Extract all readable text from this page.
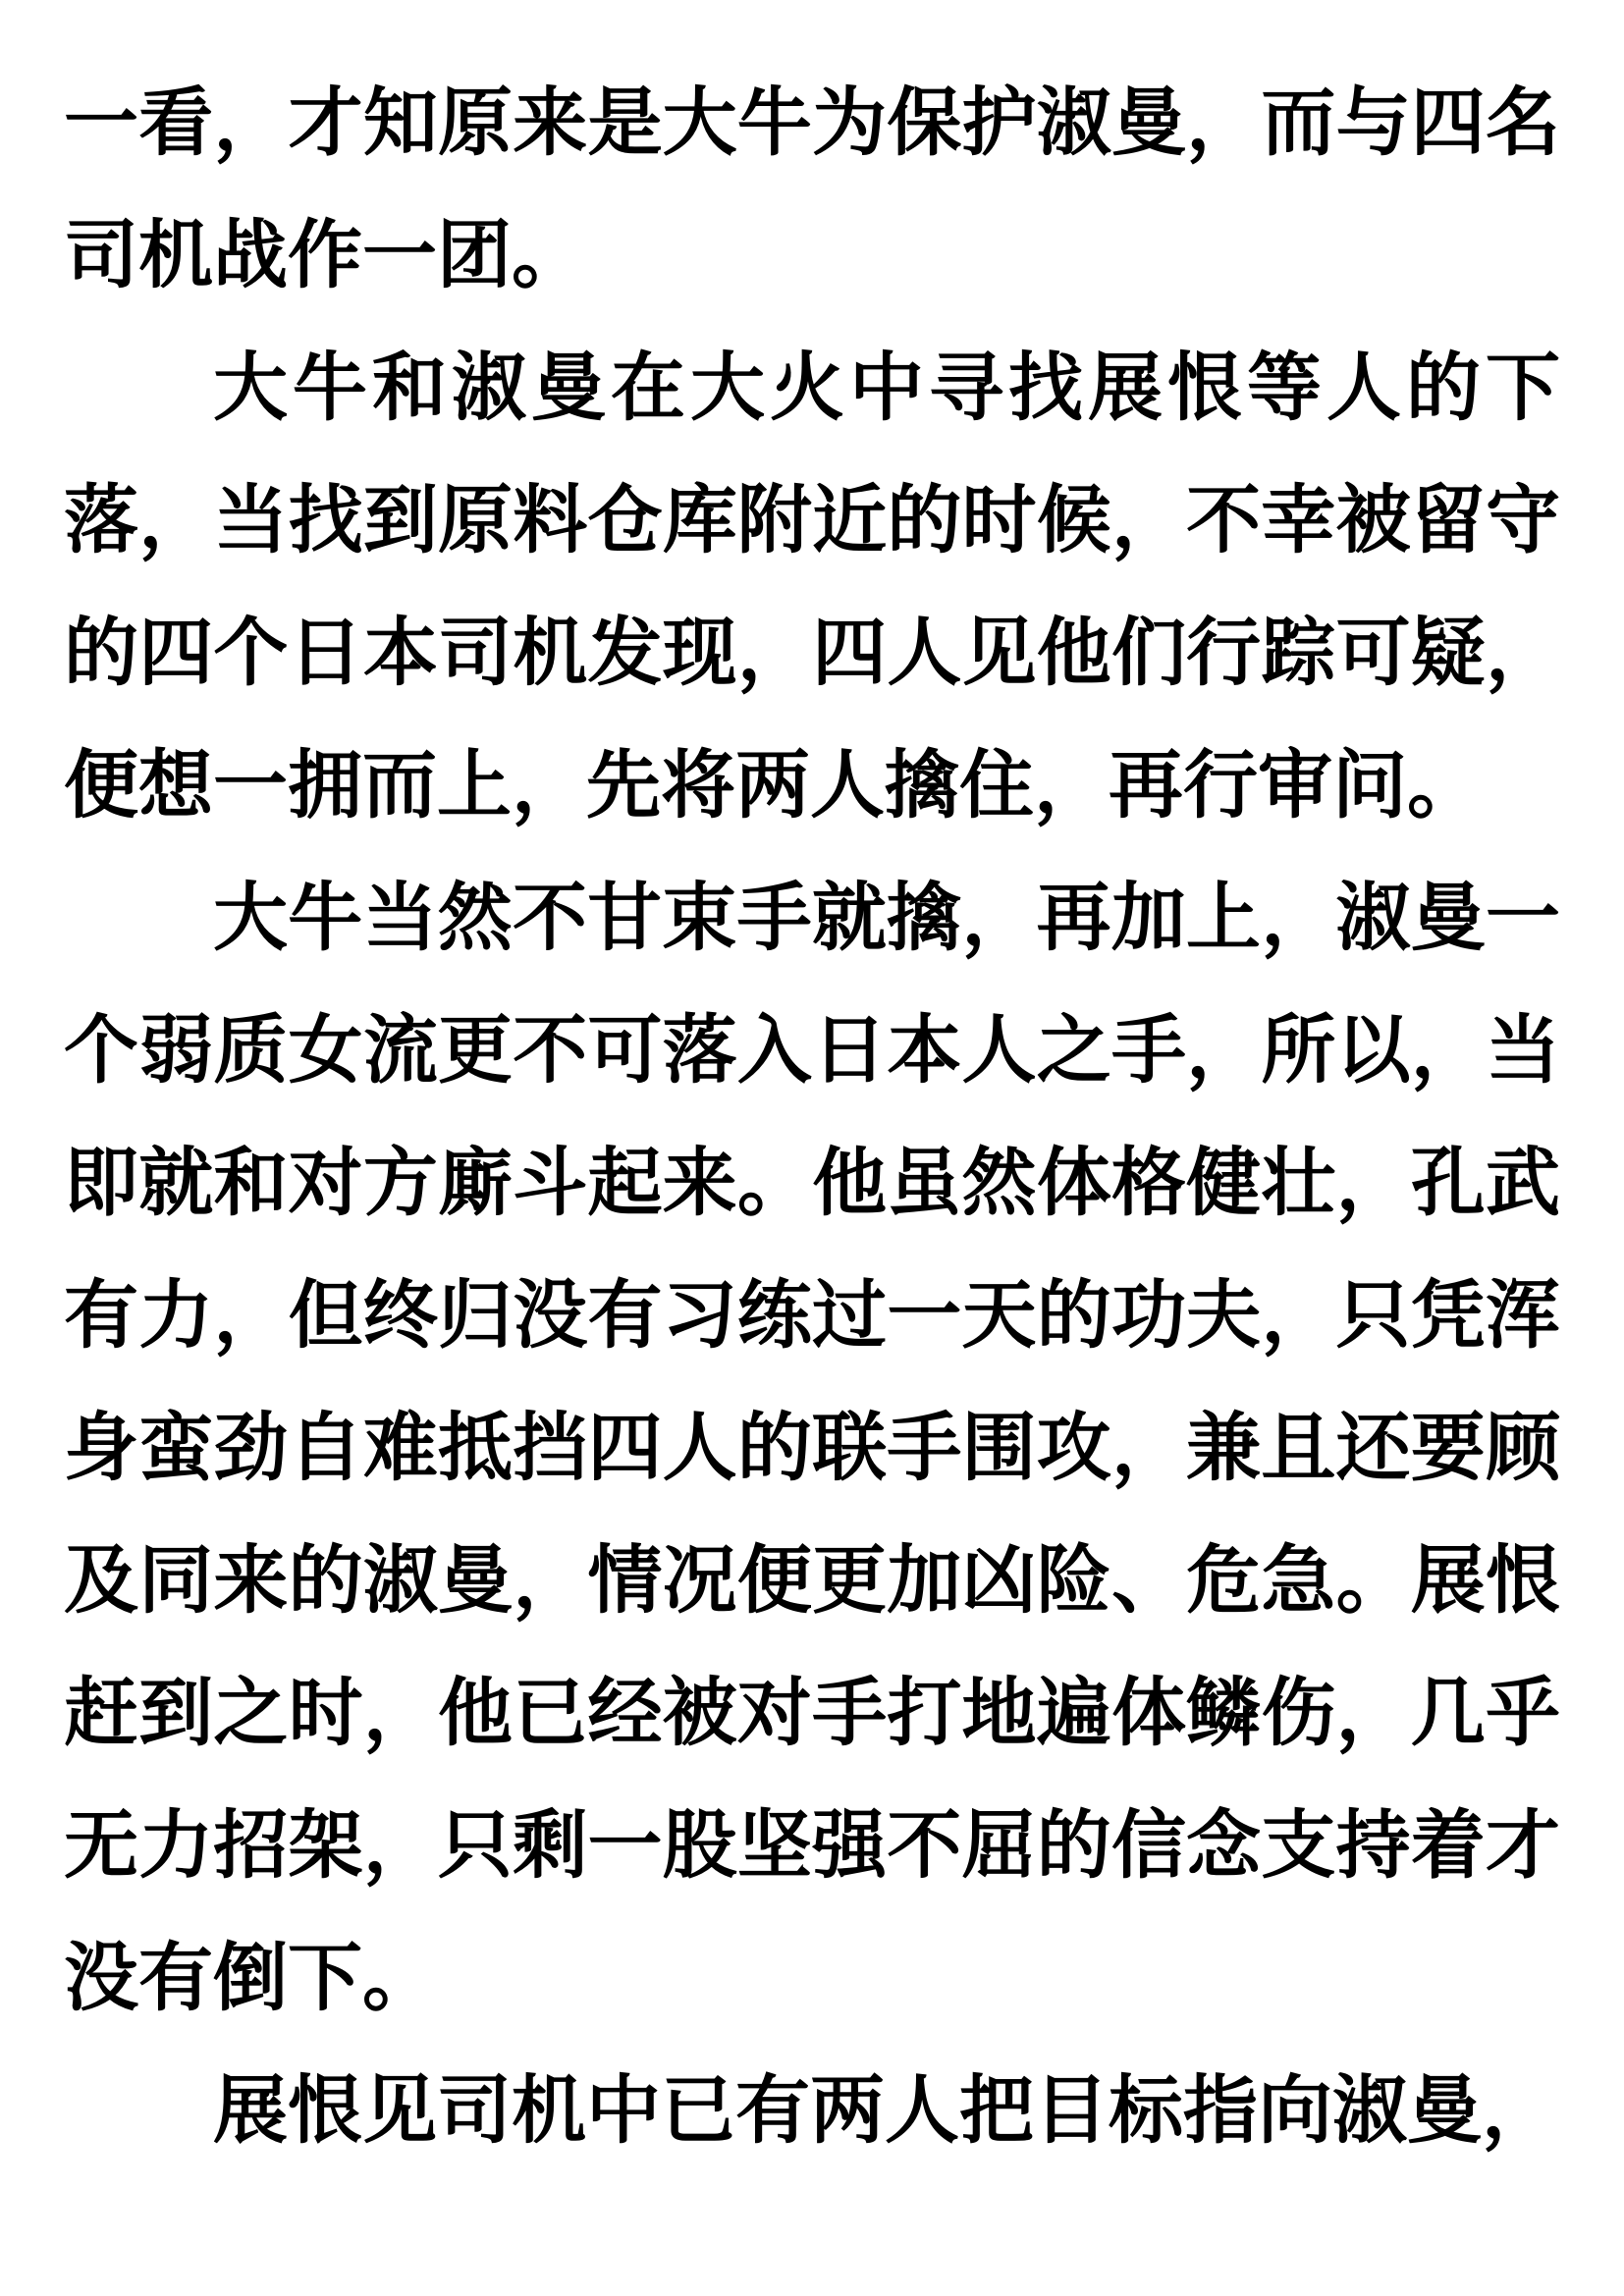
一看，才知原来是大牛为保护淑曼，而与四名司机战作一团。

大牛和淑曼在大火中寻找展恨等人的下落，当找到原料仓库附近的时候，不幸被留守的四个日本司机发现，四人见他们行踪可疑，便想一拥而上，先将两人擒住，再行审问。

大牛当然不甘束手就擒，再加上，淑曼一个弱质女流更不可落入日本人之手，所以，当即就和对方廝斗起来。他虽然体格健壮，孔武有力，但终归没有习练过一天的功夫，只凭浑身蛮劲自难抵挡四人的联手围攻，兼且还要顾及同来的淑曼，情况便更加凶险、危急。展恨赶到之时，他已经被对手打地遍体鳞伤，几乎无力招架，只剩一股坚强不屈的信念支持着才没有倒下。

展恨见司机中已有两人把目标指向淑曼，
